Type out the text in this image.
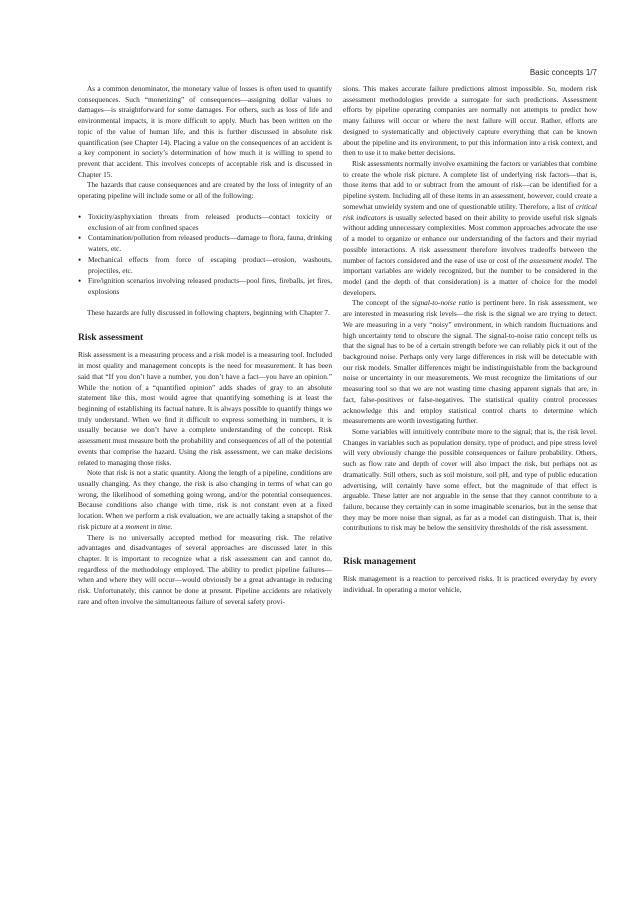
Basic concepts 1/7

As a common denominator, the monetary value of losses is often used to quantify consequences. Such “monetizing” of consequences—assigning dollar values to damages—is straightforward for some damages. For others, such as loss of life and environmental impacts, it is more difficult to apply. Much has been written on the topic of the value of human life, and this is further discussed in absolute risk quantification (see Chapter 14). Placing a value on the consequences of an accident is a key component in society’s determination of how much it is willing to spend to prevent that accident. This involves concepts of acceptable risk and is discussed in Chapter 15.

The hazards that cause consequences and are created by the loss of integrity of an operating pipeline will include some or all of the following:

• Toxicity/asphyxiation threats from released products—contact toxicity or exclusion of air from confined spaces
• Contamination/pollution from released products—damage to flora, fauna, drinking waters, etc.
• Mechanical effects from force of escaping product—erosion, washouts, projectiles, etc.
• Fire/ignition scenarios involving released products—pool fires, fireballs, jet fires, explosions

These hazards are fully discussed in following chapters, beginning with Chapter 7.

Risk assessment

Risk assessment is a measuring process and a risk model is a measuring tool. Included in most quality and management concepts is the need for measurement. It has been said that “If you don’t have a number, you don’t have a fact—you have an opinion.” While the notion of a “quantified opinion” adds shades of gray to an absolute statement like this, most would agree that quantifying something is at least the beginning of establishing its factual nature. It is always possible to quantify things we truly understand. When we find it difficult to express something in numbers, it is usually because we don’t have a complete understanding of the concept. Risk assessment must measure both the probability and consequences of all of the potential events that comprise the hazard. Using the risk assessment, we can make decisions related to managing those risks.

Note that risk is not a static quantity. Along the length of a pipeline, conditions are usually changing. As they change, the risk is also changing in terms of what can go wrong, the likelihood of something going wrong, and/or the potential consequences. Because conditions also change with time, risk is not constant even at a fixed location. When we perform a risk evaluation, we are actually taking a snapshot of the risk picture at a moment in time.

There is no universally accepted method for measuring risk. The relative advantages and disadvantages of several approaches are discussed later in this chapter. It is important to recognize what a risk assessment can and cannot do, regardless of the methodology employed. The ability to predict pipeline failures—when and where they will occur—would obviously be a great advantage in reducing risk. Unfortunately, this cannot be done at present. Pipeline accidents are relatively rare and often involve the simultaneous failure of several safety provi-

sions. This makes accurate failure predictions almost impossible. So, modern risk assessment methodologies provide a surrogate for such predictions. Assessment efforts by pipeline operating companies are normally not attempts to predict how many failures will occur or where the next failure will occur. Rather, efforts are designed to systematically and objectively capture everything that can be known about the pipeline and its environment, to put this information into a risk context, and then to use it to make better decisions.

Risk assessments normally involve examining the factors or variables that combine to create the whole risk picture. A complete list of underlying risk factors—that is, those items that add to or subtract from the amount of risk—can be identified for a pipeline system. Including all of these items in an assessment, however, could create a somewhat unwieldy system and one of questionable utility. Therefore, a list of critical risk indicators is usually selected based on their ability to provide useful risk signals without adding unnecessary complexities. Most common approaches advocate the use of a model to organize or enhance our understanding of the factors and their myriad possible interactions. A risk assessment therefore involves tradeoffs between the number of factors considered and the ease of use or cost of the assessment model. The important variables are widely recognized, but the number to be considered in the model (and the depth of that consideration) is a matter of choice for the model developers.

The concept of the signal-to-noise ratio is pertinent here. In risk assessment, we are interested in measuring risk levels—the risk is the signal we are trying to detect. We are measuring in a very “noisy” environment, in which random fluctuations and high uncertainty tend to obscure the signal. The signal-to-noise ratio concept tells us that the signal has to be of a certain strength before we can reliably pick it out of the background noise. Perhaps only very large differences in risk will be detectable with our risk models. Smaller differences might be indistinguishable from the background noise or uncertainty in our measurements. We must recognize the limitations of our measuring tool so that we are not wasting time chasing apparent signals that are, in fact, false-positives or false-negatives. The statistical quality control processes acknowledge this and employ statistical control charts to determine which measurements are worth investigating further.

Some variables will intuitively contribute more to the signal; that is, the risk level. Changes in variables such as population density, type of product, and pipe stress level will very obviously change the possible consequences or failure probability. Others, such as flow rate and depth of cover will also impact the risk, but perhaps not as dramatically. Still others, such as soil moisture, soil pH, and type of public education advertising, will certainly have some effect, but the magnitude of that effect is arguable. These latter are not arguable in the sense that they cannot contribute to a failure, because they certainly can in some imaginable scenarios, but in the sense that they may be more noise than signal, as far as a model can distinguish. That is, their contributions to risk may be below the sensitivity thresholds of the risk assessment.

Risk management

Risk management is a reaction to perceived risks. It is practiced everyday by every individual. In operating a motor vehicle,
